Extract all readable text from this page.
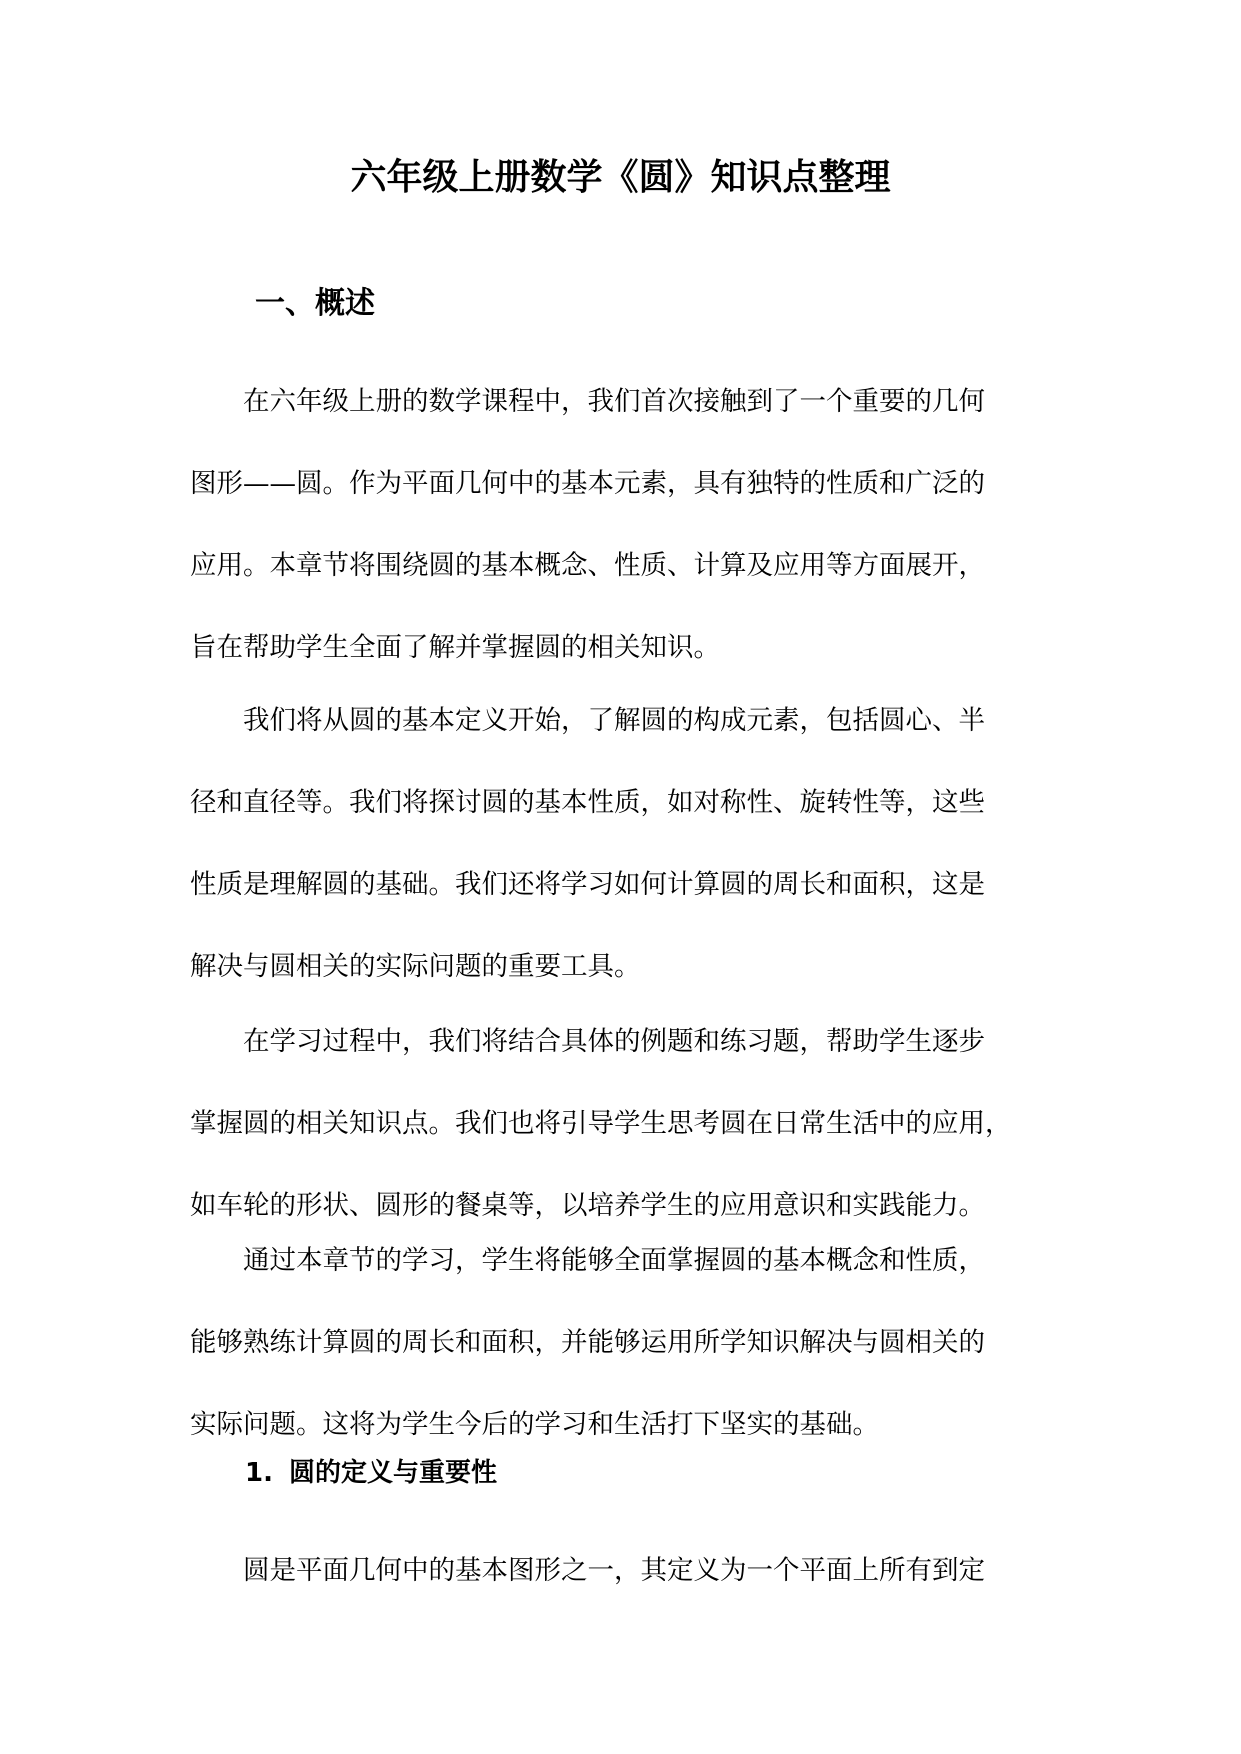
六年级上册数学《圆》知识点整理
一、概述
　　在六年级上册的数学课程中，我们首次接触到了一个重要的几何
图形——圆。作为平面几何中的基本元素，具有独特的性质和广泛的
应用。本章节将围绕圆的基本概念、性质、计算及应用等方面展开，
旨在帮助学生全面了解并掌握圆的相关知识。
　　我们将从圆的基本定义开始，了解圆的构成元素，包括圆心、半
径和直径等。我们将探讨圆的基本性质，如对称性、旋转性等，这些
性质是理解圆的基础。我们还将学习如何计算圆的周长和面积，这是
解决与圆相关的实际问题的重要工具。
　　在学习过程中，我们将结合具体的例题和练习题，帮助学生逐步
掌握圆的相关知识点。我们也将引导学生思考圆在日常生活中的应用，
如车轮的形状、圆形的餐桌等，以培养学生的应用意识和实践能力。
　　通过本章节的学习，学生将能够全面掌握圆的基本概念和性质，
能够熟练计算圆的周长和面积，并能够运用所学知识解决与圆相关的
实际问题。这将为学生今后的学习和生活打下坚实的基础。
1. 圆的定义与重要性
　　圆是平面几何中的基本图形之一，其定义为一个平面上所有到定
